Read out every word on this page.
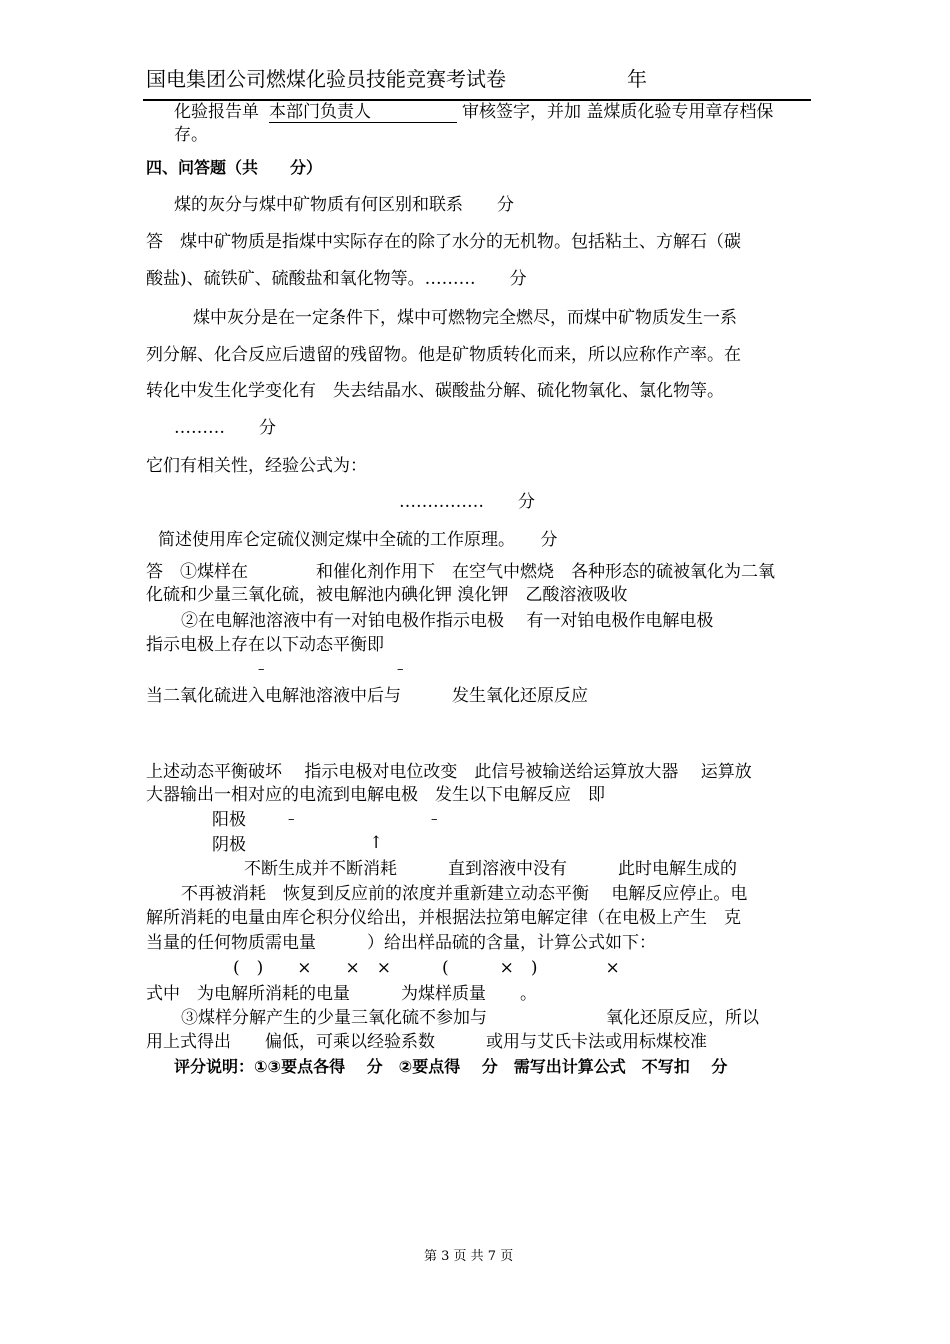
国电集团公司燃煤化验员技能竞赛考试卷	年
化验报告单 本部门负责人	审核签字，并加 盖煤质化验专用章存档保
存。
四、问答题（共　　分）
煤的灰分与煤中矿物质有何区别和联系　　分
答　煤中矿物质是指煤中实际存在的除了水分的无机物。包括粘土、方解石（碳
酸盐)、硫铁矿、硫酸盐和氧化物等。………　　分
煤中灰分是在一定条件下，煤中可燃物完全燃尽，而煤中矿物质发生一系
列分解、化合反应后遗留的残留物。他是矿物质转化而来，所以应称作产率。在
转化中发生化学变化有　失去结晶水、碳酸盐分解、硫化物氧化、氯化物等。
………　　分
它们有相关性，经验公式为：
……………　　分
简述使用库仑定硫仪测定煤中全硫的工作原理。　　分
答　①煤样在　　　　和催化剂作用下　在空气中燃烧　各种形态的硫被氧化为二氧
化硫和少量三氧化硫，被电解池内碘化钾 溴化钾　乙酸溶液吸收
②在电解池溶液中有一对铂电极作指示电极　 有一对铂电极作电解电极
指示电极上存在以下动态平衡即
–	–
当二氧化硫进入电解池溶液中后与　　　发生氧化还原反应
上述动态平衡破坏　 指示电极对电位改变　此信号被输送给运算放大器　 运算放
大器输出一相对应的电流到电解电极　发生以下电解反应　即
阳极	–	–
阴极	↑
不断生成并不断消耗　　　直到溶液中没有　　　此时电解生成的
不再被消耗　恢复到反应前的浓度并重新建立动态平衡　 电解反应停止。电
解所消耗的电量由库仑积分仪给出，并根据法拉第电解定律（在电极上产生　克
当量的任何物质需电量　　　）给出样品硫的含量，计算公式如下：
(　)　　×　　×　×　　　(　　　×　)　　　　×
式中　为电解所消耗的电量　　　为煤样质量　　。
③煤样分解产生的少量三氧化硫不参加与　　　　　　　氧化还原反应，所以
用上式得出　　偏低，可乘以经验系数　　　或用与艾氏卡法或用标煤校准
评分说明：①③要点各得　 分　②要点得　 分　需写出计算公式　不写扣　 分
第 3 页 共 7 页
